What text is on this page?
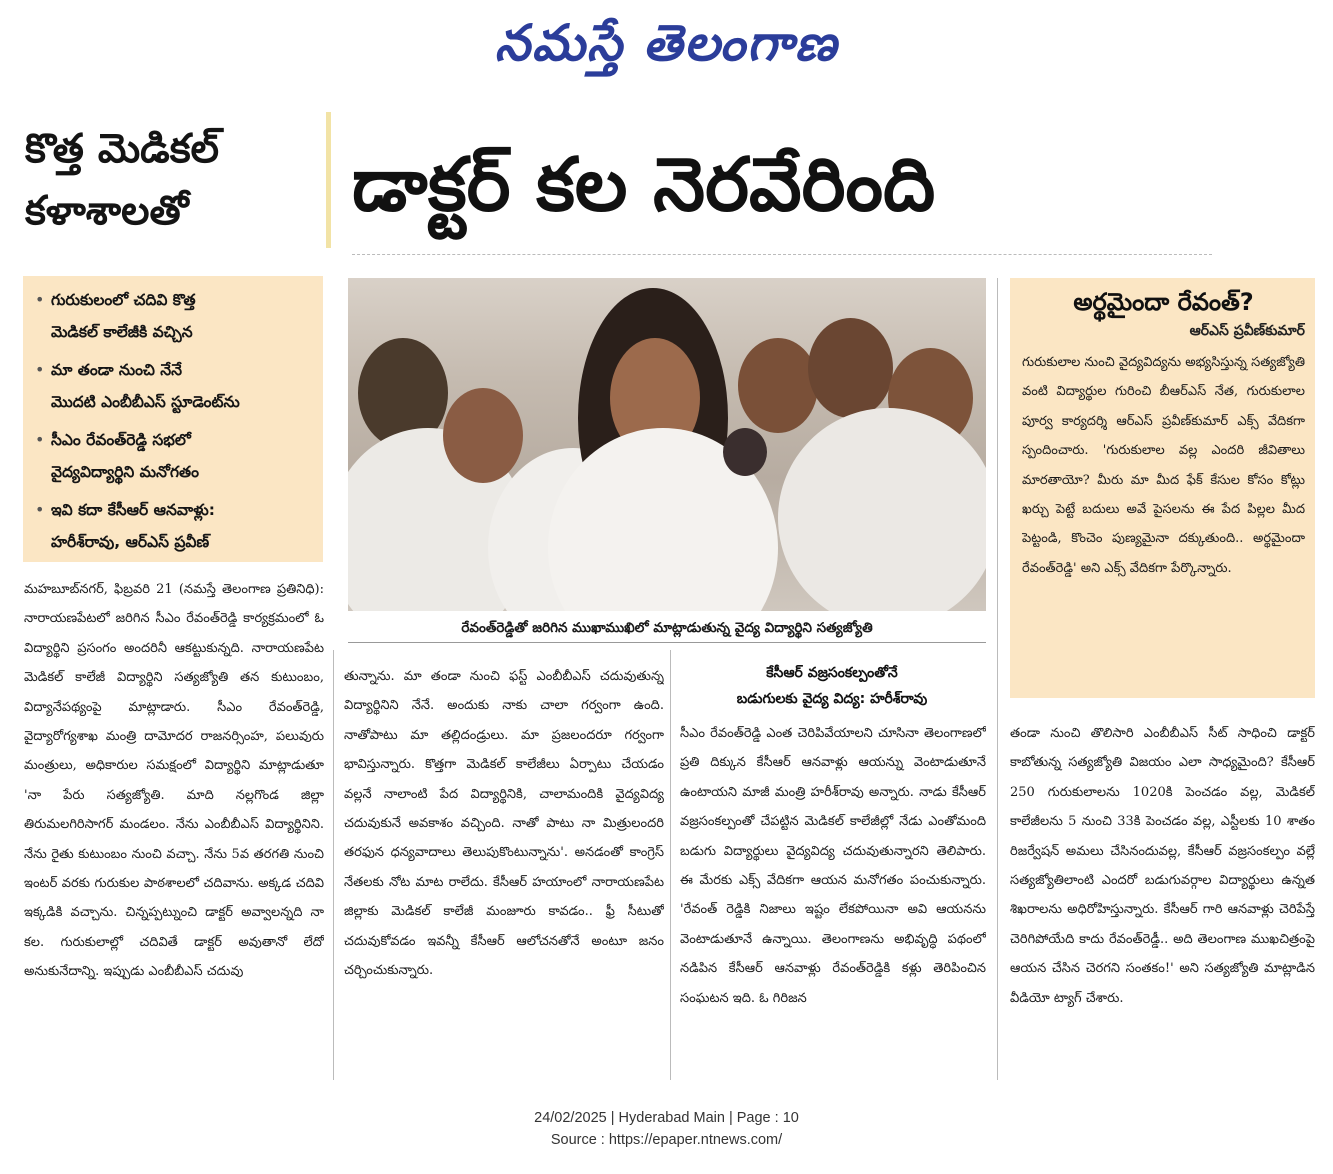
నమస్తే తెలంగాణ
కొత్త మెడికల్
కళాశాలతో	డాక్టర్ కల నెరవేరింది
• గురుకులంలో చదివి కొత్త
మెడికల్ కాలేజీకి వచ్చిన
• మా తండా నుంచి నేనే
మొదటి ఎంబీబీఎస్ స్టూడెంట్‌ను
• సీఎం రేవంత్‌రెడ్డి సభలో
వైద్యవిద్యార్థిని మనోగతం
• ఇవి కదా కేసీఆర్ ఆనవాళ్లు:
హరీశ్‌రావు, ఆర్‌ఎస్ ప్రవీణ్
రేవంత్‌రెడ్డితో జరిగిన ముఖాముఖిలో మాట్లాడుతున్న వైద్య విద్యార్థిని సత్యజ్యోతి
అర్థమైందా రేవంత్?
ఆర్‌ఎస్ ప్రవీణ్‌కుమార్
గురుకులాల నుంచి వైద్యవిద్యను అభ్యసిస్తున్న సత్యజ్యోతి వంటి విద్యార్థుల గురించి బీఆర్‌ఎస్ నేత, గురుకులాల పూర్వ కార్యదర్శి ఆర్‌ఎస్ ప్రవీణ్‌కుమార్ ఎక్స్ వేదికగా స్పందించారు. 'గురుకులాల వల్ల ఎందరి జీవితాలు మారతాయో? మీరు మా మీద ఫేక్ కేసుల కోసం కోట్లు ఖర్చు పెట్టే బదులు అవే పైసలను ఈ పేద పిల్లల మీద పెట్టండి, కొంచెం పుణ్యమైనా దక్కుతుంది.. అర్థమైందా రేవంత్‌రెడ్డి' అని ఎక్స్ వేదికగా పేర్కొన్నారు.
మహబూబ్‌నగర్, ఫిబ్రవరి 21 (నమస్తే తెలంగాణ ప్రతినిధి): నారాయణపేటలో జరిగిన సీఎం రేవంత్‌రెడ్డి కార్యక్రమంలో ఓ విద్యార్థిని ప్రసంగం అందరినీ ఆకట్టుకున్నది. నారాయణపేట మెడికల్ కాలేజీ విద్యార్థిని సత్యజ్యోతి తన కుటుంబం, విద్యానేపథ్యంపై మాట్లాడారు. సీఎం రేవంత్‌రెడ్డి, వైద్యారోగ్యశాఖ మంత్రి దామోదర రాజనర్సింహ, పలువురు మంత్రులు, అధికారుల సమక్షంలో విద్యార్థిని మాట్లాడుతూ 'నా పేరు సత్యజ్యోతి. మాది నల్లగొండ జిల్లా తిరుమలగిరిసాగర్ మండలం. నేను ఎంబీబీఎస్ విద్యార్థినిని. నేను రైతు కుటుంబం నుంచి వచ్చా. నేను 5వ తరగతి నుంచి ఇంటర్ వరకు గురుకుల పాఠశాలలో చదివాను. అక్కడ చదివి ఇక్కడికి వచ్చాను. చిన్నప్పట్నుంచి డాక్టర్ అవ్వాలన్నది నా కల. గురుకులాల్లో చదివితే డాక్టర్ అవుతానో లేదో అనుకునేదాన్ని. ఇప్పుడు ఎంబీబీఎస్ చదువు
తున్నాను. మా తండా నుంచి ఫస్ట్ ఎంబీబీఎస్ చదువుతున్న విద్యార్థినిని నేనే. అందుకు నాకు చాలా గర్వంగా ఉంది. నాతోపాటు మా తల్లిదండ్రులు. మా ప్రజలందరూ గర్వంగా భావిస్తున్నారు. కొత్తగా మెడికల్ కాలేజీలు ఏర్పాటు చేయడం వల్లనే నాలాంటి పేద విద్యార్థినికి, చాలామందికి వైద్యవిద్య చదువుకునే అవకాశం వచ్చింది. నాతో పాటు నా మిత్రులందరి తరఫున ధన్యవాదాలు తెలుపుకొంటున్నాను'. అనడంతో కాంగ్రెస్ నేతలకు నోట మాట రాలేదు. కేసీఆర్ హయాంలో నారాయణపేట జిల్లాకు మెడికల్ కాలేజీ మంజూరు కావడం.. ఫ్రీ సీటుతో చదువుకోవడం ఇవన్నీ కేసీఆర్ ఆలోచనతోనే అంటూ జనం చర్చించుకున్నారు.
కేసీఆర్ వజ్రసంకల్పంతోనే
బడుగులకు వైద్య విద్య: హరీశ్‌రావు
సీఎం రేవంత్‌రెడ్డి ఎంత చెరిపివేయాలని చూసినా తెలంగాణలో ప్రతి దిక్కున కేసీఆర్ ఆనవాళ్లు ఆయన్ను వెంటాడుతూనే ఉంటాయని మాజీ మంత్రి హరీశ్‌రావు అన్నారు. నాడు కేసీఆర్ వజ్రసంకల్పంతో చేపట్టిన మెడికల్ కాలేజీల్లో నేడు ఎంతోమంది బడుగు విద్యార్థులు వైద్యవిద్య చదువుతున్నారని తెలిపారు. ఈ మేరకు ఎక్స్ వేదికగా ఆయన మనోగతం పంచుకున్నారు. 'రేవంత్ రెడ్డికి నిజాలు ఇష్టం లేకపోయినా అవి ఆయనను వెంటాడుతూనే ఉన్నాయి. తెలంగాణను అభివృద్ధి పథంలో నడిపిన కేసీఆర్ ఆనవాళ్లు రేవంత్‌రెడ్డికి కళ్లు తెరిపించిన సంఘటన ఇది. ఓ గిరిజన
తండా నుంచి తొలిసారి ఎంబీబీఎస్ సీట్ సాధించి డాక్టర్ కాబోతున్న సత్యజ్యోతి విజయం ఎలా సాధ్యమైంది? కేసీఆర్ 250 గురుకులాలను 1020కి పెంచడం వల్ల, మెడికల్ కాలేజీలను 5 నుంచి 33కి పెంచడం వల్ల, ఎస్టీలకు 10 శాతం రిజర్వేషన్ అమలు చేసినందువల్ల, కేసీఆర్ వజ్రసంకల్పం వల్లే సత్యజ్యోతిలాంటి ఎందరో బడుగువర్గాల విద్యార్థులు ఉన్నత శిఖరాలను అధిరోహిస్తున్నారు. కేసీఆర్ గారి ఆనవాళ్లు చెరిపేస్తే చెరిగిపోయేది కాదు రేవంత్‌రెడ్డీ.. అది తెలంగాణ ముఖచిత్రంపై ఆయన చేసిన చెరగని సంతకం!' అని సత్యజ్యోతి మాట్లాడిన వీడియో ట్యాగ్ చేశారు.
24/02/2025 | Hyderabad Main | Page : 10
Source : https://epaper.ntnews.com/
